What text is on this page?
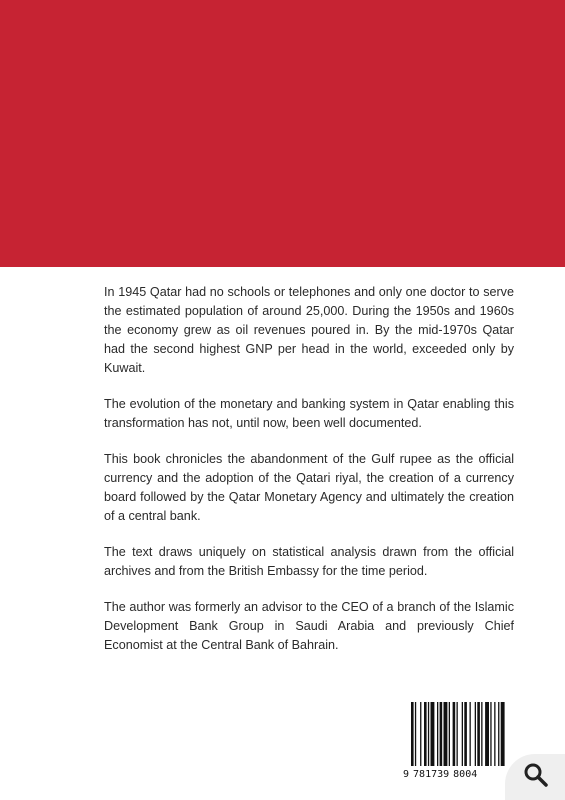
In 1945 Qatar had no schools or telephones and only one doctor to serve the estimated population of around 25,000. During the 1950s and 1960s the economy grew as oil revenues poured in. By the mid-1970s Qatar had the second highest GNP per head in the world, exceeded only by Kuwait.

The evolution of the monetary and banking system in Qatar enabling this transformation has not, until now, been well documented.

This book chronicles the abandonment of the Gulf rupee as the official currency and the adoption of the Qatari riyal, the creation of a currency board followed by the Qatar Monetary Agency and ultimately the creation of a central bank.

The text draws uniquely on statistical analysis drawn from the official archives and from the British Embassy for the time period.

The author was formerly an advisor to the CEO of a branch of the Islamic Development Bank Group in Saudi Arabia and previously Chief Economist at the Central Bank of Bahrain.

9 781739 8004
